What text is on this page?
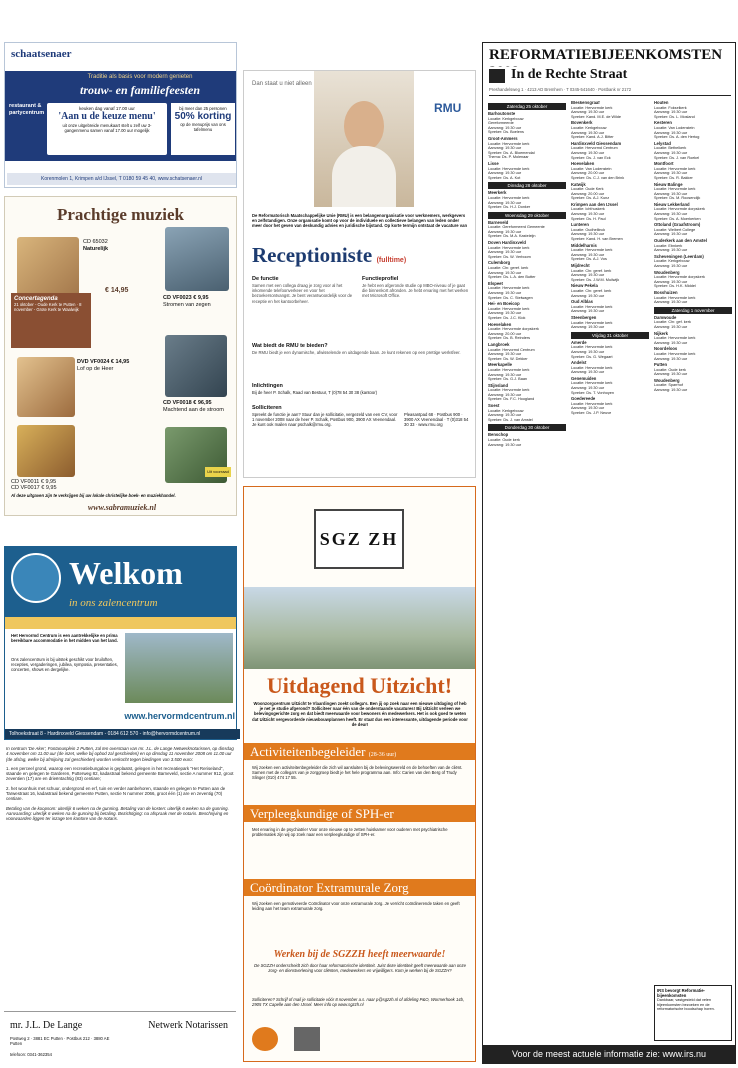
schaatsenaer
Traditie als basis voor modern genieten
trouw- en familiefeesten
restaurant & partycentrum
keuken dag vanaf 17.00 uur
'Aan u de keuze menu'
uit onze uitgebreide menukaart stelt u zelf uw 3-gangenmenu samen vanaf 17.00 uur mogelijk
bij meer dan 25 personen
50% korting
op de menuprijs van ons tafelmenu
Korenmolen 1, Krimpen a/d IJssel, T 0180 59 45 40, www.schatsenaer.nl
Prachtige muziek
CD 65032
Naturelijk
€ 14,95
CD VF0023 € 9,95
Stromen van zegen
Concertagenda
21 oktober - Oude Kerk te Putten · 8 november - Grote Kerk te Waalwijk
DVD VF0024 € 14,95
Lof op de Heer
CD VF0018 € 96,95
Machtend aan de stroom
CD VF0011 € 9,95
CD VF0017 € 9,95
Uit voorraad
Al deze uitgaven zijn te verkrijgen bij uw lokale christelijke boek- en muziekhandel.
www.sabramuziek.nl
Welkom
in ons zalencentrum
Het Hervormd Centrum is een aantrekkelijke en prima bereikbare accommodatie in het midden van het land.
Ons zalencentrum is bij uitstek geschikt voor bruiloften, recepties, vergaderingen, jubilea, symposia, presentaties, concerten, shows en dergelijke.
www.hervormdcentrum.nl
Tolhoekstraat 8 - Hardinxveld Giessendam - 0184 612 570 - info@hervormdcentrum.nl
In centrum 'De Aker', Fontanusplein 2 Putten, zal ten overstaan van mr. J.L. de Lange Netwerknotarissen, op dinsdag 4 november om 11.00 uur (de inzet, welke bij opbod zal geschieden) en op dinsdag 11 november 2008 om 11.00 uur (de afslag, welke bij afmijning zal geschieden) worden verkocht tegen biedingen van 3.500 euro:
1. een perceel grond, waarop een recreatiebungalow is geplaatst, gelegen in het recreatiepark "Het Reriseland", staande en gelegen te Garderen, Putterweg 82, kadastraal bekend gemeente Barneveld, sectie A nummer 912, groot zeventien (17) are en drieëntachtig (83) centiare;
2. het woonhuis met schuur, ondergrond en erf, tuin en verder aanbehoren, staande en gelegen te Putten aan de Tarwestraat 16, kadastraal bekend gemeente Putten, sectie N nummer 2066, groot één (1) are en zeventig (70) centiare.
Betaling van de koopsom: uiterlijk 6 weken na de gunning. Betaling van de kosten: uiterlijk 6 weken na de gunning. Aanvaarding: uiterlijk 6 weken na de gunning bij betaling. Bezichtiging: na afspraak met de notaris. Beschrijving en voorwaarden liggen ter inzage ten kantore van de notaris.
mr. J.L. De Lange	Netwerk Notarissen
Postweg 2 · 3881 EC Putten · Postbus 212 · 3880 AE Putten
telefoon: 0341-362354
Dan staat u niet alleen
RMU
De Reformatorisch Maatschappelijke Unie (RMU) is een belangenorganisatie voor werknemers, werkgevers en zelfstandigen. Onze organisatie komt op voor de individuele en collectieve belangen van leden onder meer door het geven van deskundig advies en juridische bijstand. Op korte termijn ontstaat de vacature van
Receptioniste (fulltime)
De functie
Samen met een collega draag je zorg voor al het inkomende telefoonverkeer en voor het bezoekersontvangst. Je bent verantwoordelijk voor de receptie en het kantoorbeheer.
Functieprofiel
Je hebt een afgeronde studie op MBO-niveau of je gaat die binnenkort afronden. Je hebt ervaring met het werken met Microsoft Office.
Wat biedt de RMU te bieden?
De RMU biedt je een dynamische, afwisselende en uitdagende baan. Je kunt rekenen op een prettige werksfeer.
Inlichtingen
Bij de heer P. Schalk, Raad van Bestuur, T (0)78 54 30 38 (kantoor)
Solliciteren
Spreekt de functie je aan? Stuur dan je sollicitatie, vergezeld van een CV, voor 1 november 2008 naar de heer P. Schalk, Postbus 900, 3900 AX Veenendaal. Je kunt ook mailen naar pschalk@rmu.org.
Pleasantpad 68 · Postbus 900 · 3900 AX Veenendaal · T (0)318 54 30 33 · www.rmu.org
SGZ ZH
Uitdagend Uitzicht!
Woonzorgcentrum Uitzicht te Vlaardingen zoekt collega's. Ben jij op zoek naar een nieuwe uitdaging of heb je net je studie afgerond? Solliciteer naar één van de onderstaande vacatures! Bij Uitzicht verleen we belevingsgerichte zorg en dat biedt meerwaarde voor bewoners én medewerkers. Het is ook goed te weten dat Uitzicht vergevorderde nieuwbouwplannen heeft. Er staat dus een interessante, uitdagende periode voor de deur!
Activiteitenbegeleider (28-36 uur)
Wij zoeken een activiteitenbegeleider die zich wil aansluiten bij de belevingswereld en de behoeften van de cliënt. Samen met de collega's van je zorggroep biedt je het hele programma aan. Info: Carien van den Berg of Trudy Slinger (010) 474 17 55.
Verpleegkundige of SPH-er
Met ervaring in de psychiatrie! Voor onze nieuwe op te zetten huiskamer voor ouderen met psychiatrische problematiek zijn wij op zoek naar een verpleegkundige of SPH-er.
Coördinator Extramurale Zorg
Wij zoeken een gemotiveerde Coördinator voor onze extramurale zorg. Je verricht coördinerende taken en geeft leiding aan het team extramurale zorg.
Werken bij de SGZZH heeft meerwaarde!
De SGZZH onderscheidt zich door haar reformatorische identiteit. Juist deze identiteit geeft meerwaarde aan onze zorg- en dienstverlening voor cliënten, medewerkers en vrijwilligers. Kom je werken bij de SGZZH?
Solliciteren? Schrijf of mail je sollicitatie vóór 8 november a.s. naar p@sgzzh.nl of afdeling P&O, Wormerhoek 14b, 2905 TX Capelle aan den IJssel. Meer info op www.sgzzh.nl
REFORMATIEBIJEENKOMSTEN
In de Rechte Straat
Preshandelsweg 1 · 4213 AD Bremhem · T 0345-541640 · Postbank nr 2172
Zaterdag 25 oktober
Barhoutonste
Locatie: Kerkgebouw
Gereformeerde
Aanvang: 19.30 uur
Spreker: Ds. Boelens
Groot-Ammers
Locatie: Hervormde kerk
Aanvang: 19.30 uur
Spreker: Ds. A. Bloemendal
Thema: Ds. P. Molenaar
Lisse
Locatie: Hervormde kerk
Aanvang: 19.30 uur
Spreker: Ds. A. Kot
Dinsdag 28 oktober
Meerkerk
Locatie: Hervormde kerk
Aanvang: 19.30 uur
Spreker: Ds. H.J. Donker
Woensdag 29 oktober
Barneveld
Locatie: Gereformeerd Gemeente
Aanvang: 19.30 uur
Spreker: Ds. M.A. Kasteleijn
Doven Hardinxveld
Locatie: Hervormde kerk
Aanvang: 19.30 uur
Spreker: Ds. W. Verboom
Culemborg
Locatie: Chr. geref. kerk
Aanvang: 19.30 uur
Spreker: Ds. L.A. den Butter
Elspeet
Locatie: Hervormde kerk
Aanvang: 19.30 uur
Spreker: Ds. C. Stelwagen
Hei- en Boeicop
Locatie: Hervormde kerk
Aanvang: 19.30 uur
Spreker: Ds. J.C. Klok
Hoevelaken
Locatie: Hervormde dorpskerk
Aanvang: 20.00 uur
Spreker: Ds. B. Reinders
Langbroek
Locatie: Hervormd Centrum
Aanvang: 19.30 uur
Spreker: Ds. W. Dekker
Meerkapelle
Locatie: Hervormde kerk
Aanvang: 19.30 uur
Spreker: Ds. G.J. Baan
Stijnsland
Locatie: Hervormde kerk
Aanvang: 19.30 uur
Spreker: Ds. F.C. Hoogland
Soest
Locatie: Kerkgebouw
Aanvang: 19.30 uur
Spreker: Ds. J. van Amstel
Donderdag 30 oktober
Benschop
Locatie: Oude kerk
Aanvang: 19.30 uur
Bleskensgraaf
Locatie: Hervormde kerk
Aanvang: 19.30 uur
Spreker: Kand. M.E. de Wilde
Bovenkerk
Locatie: Kerkgebouw
Aanvang: 19.30 uur
Spreker: Kand. A.J. Bitter
Hardinxveld Giessendam
Locatie: Hervormd Centrum
Aanvang: 19.30 uur
Spreker: Ds. J. van Eck
Hoevelaken
Locatie: Van Lodenstein
Aanvang: 20.00 uur
Spreker: Ds. C.J. van den Brink
Katwijk
Locatie: Oude Kerk
Aanvang: 20.00 uur
Spreker: Ds. A.J. Kunz
Krimpen aan den IJssel
Locatie: Ichthuskerk
Aanvang: 19.30 uur
Spreker: Ds. H. Paul
Lunteren
Locatie: Oudhellinck
Aanvang: 19.30 uur
Spreker: Kand. H. van Bremen
Middelharnis
Locatie: Hervormde kerk
Aanvang: 19.30 uur
Spreker: Ds. A.J. Vos
Mijdrecht
Locatie: Chr. geref. kerk
Aanvang: 19.30 uur
Spreker: Ds. J.W.M. Muilwijk
Nieuw Pekela
Locatie: Chr. geref. kerk
Aanvang: 19.30 uur
Oud Alblas
Locatie: Hervormde kerk
Aanvang: 19.30 uur
Steenbergen
Locatie: Hervormde kerk
Aanvang: 19.30 uur
Vrijdag 31 oktober
Amerde
Locatie: Hervormde kerk
Aanvang: 19.30 uur
Spreker: Ds. G. Wegaart
Andelst
Locatie: Hervormde kerk
Aanvang: 19.30 uur
Genemuiden
Locatie: Hervormde kerk
Aanvang: 19.30 uur
Spreker: Ds. T. Vonhoyen
Goedereede
Locatie: Hervormde kerk
Aanvang: 19.30 uur
Spreker: Ds. J.P. Neuve
Houten
Locatie: Fokselkerk
Aanvang: 19.30 uur
Spreker: Ds. L. Mosland
Kesteren
Locatie: Van Lodenstein
Aanvang: 19.30 uur
Spreker: Ds. A. den Hertog
Lelystad
Locatie: Bethelkerk
Aanvang: 19.30 uur
Spreker: Ds. J. van Roekel
Montfoort
Locatie: Hervormde kerk
Aanvang: 19.30 uur
Spreker: Ds. R. Bakker
Nieuw Balinge
Locatie: Hervormde kerk
Aanvang: 19.30 uur
Spreker: Ds. M. Roosendijk
Nieuw Lekkerland
Locatie: Hervormde dorpskerk
Aanvang: 19.30 uur
Spreker: Ds. A. Moerkerken
Ottoland (Graafstroom)
Locatie: Welbert College
Aanvang: 19.30 uur
Ouderkerk aan den Amstel
Locatie: Ebnkerk
Aanvang: 19.30 uur
Scheveningen (Leerdam)
Locatie: Kerkgebouw
Aanvang: 19.30 uur
Woudenberg
Locatie: Hervormde dorpskerk
Aanvang: 19.30 uur
Spreker: Ds. H.K. Middel
Bosshuizen
Locatie: Hervormde kerk
Aanvang: 19.30 uur
Zaterdag 1 november
Damwoude
Locatie: Chr. gef. kerk
Aanvang: 19.30 uur
Nijkerk
Locatie: Hervormde kerk
Aanvang: 19.30 uur
Noordeloos
Locatie: Hervormde kerk
Aanvang: 19.30 uur
Putten
Locatie: Oude kerk
Aanvang: 19.30 uur
Woudenberg
Locatie: Sparrhof
Aanvang: 19.30 uur
IRS bevorgt Reformatie-bijeenkomsten
Dankbaar, vastgesteld dat velen bijeenkomsten bezoeken en de reformatorische boodschap horen.
Voor de meest actuele informatie zie: www.irs.nu
